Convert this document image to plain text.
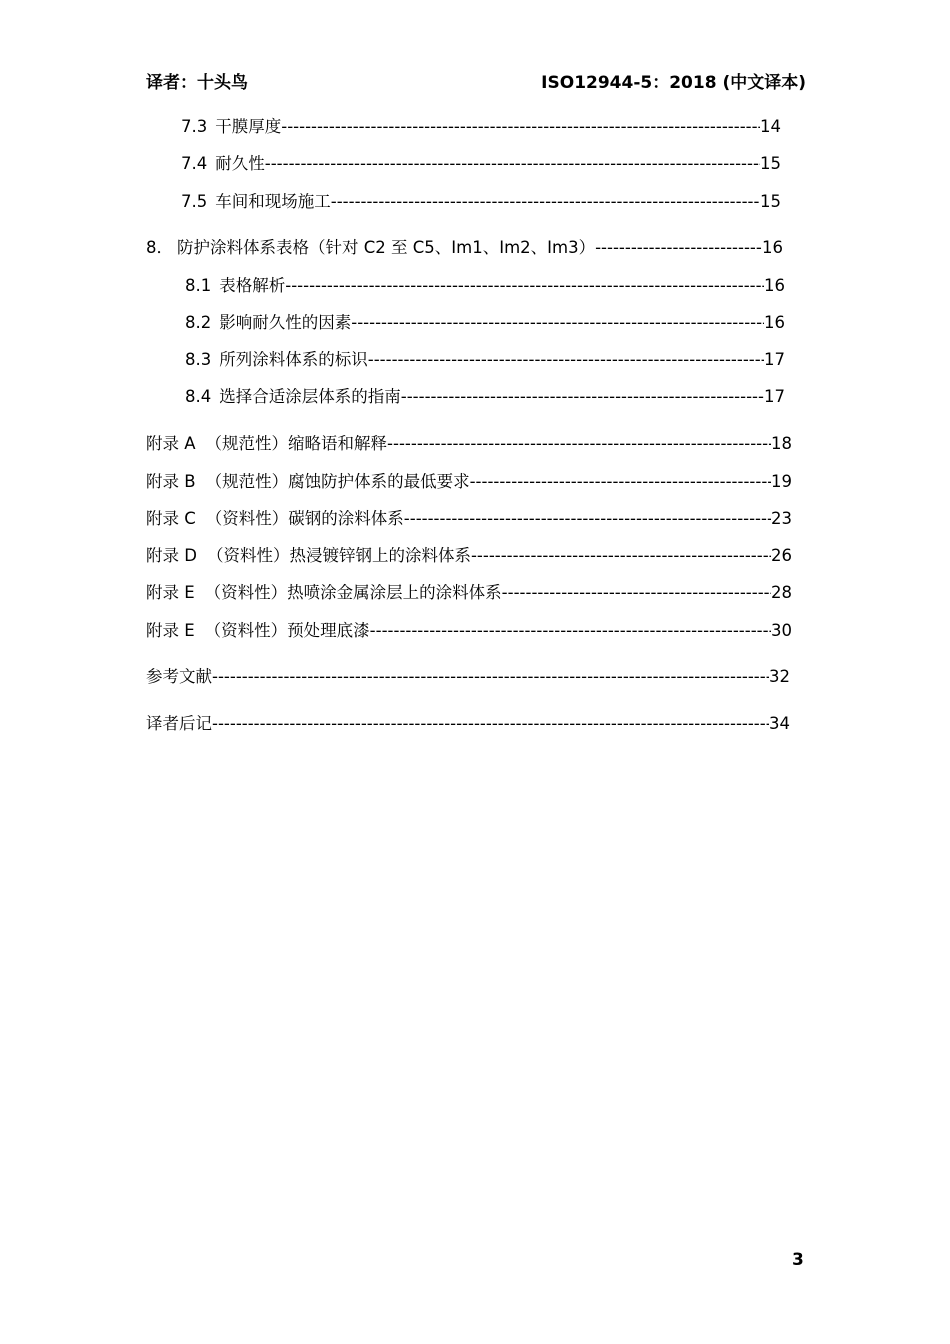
译者：十头鸟	ISO12944-5：2018 (中文译本)
7.3 干膜厚度 -----	14
7.4 耐久性 -----	15
7.5 车间和现场施工 -----	15
8． 防护涂料体系表格（针对 C2 至 C5、Im1、Im2、Im3） -----	16
8.1 表格解析 -----	16
8.2 影响耐久性的因素 -----	16
8.3 所列涂料体系的标识 -----	17
8.4 选择合适涂层体系的指南 -----	17
附录 A （规范性）缩略语和解释 -----	18
附录 B （规范性）腐蚀防护体系的最低要求 -----	19
附录 C （资料性）碳钢的涂料体系 -----	23
附录 D （资料性）热浸镀锌钢上的涂料体系 -----	26
附录 E （资料性）热喷涂金属涂层上的涂料体系 -----	28
附录 E （资料性）预处理底漆 -----	30
参考文献 -----	32
译者后记 -----	34
3
